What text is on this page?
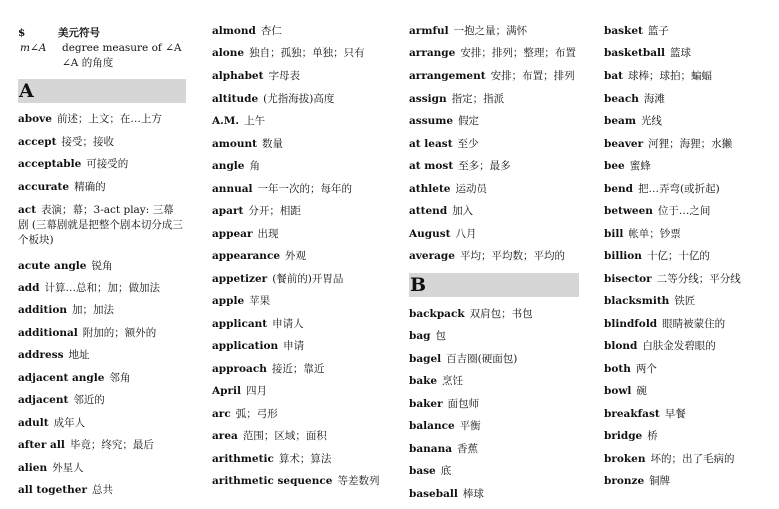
$	美元符号
m∠A degree measure of ∠A
∠A 的角度
A
above 前述；上文；在…上方
accept 接受；接收
acceptable 可接受的
accurate 精确的
act 表演；幕；3-act play: 三幕剧 (三幕剧就是把整个剧本切分成三个板块)
acute angle 锐角
add 计算…总和；加；做加法
addition 加；加法
additional 附加的；额外的
address 地址
adjacent angle 邻角
adjacent 邻近的
adult 成年人
after all 毕竟；终究；最后
alien 外星人
all together 总共
almond 杏仁
alone 独自；孤独；单独；只有
alphabet 字母表
altitude (尤指海拔)高度
A.M. 上午
amount 数量
angle 角
annual 一年一次的；每年的
apart 分开；相距
appear 出现
appearance 外观
appetizer (餐前的)开胃品
apple 苹果
applicant 申请人
application 申请
approach 接近；靠近
April 四月
arc 弧；弓形
area 范围；区域；面积
arithmetic 算术；算法
arithmetic sequence 等差数列
armful 一抱之量；满怀
arrange 安排；排列；整理；布置
arrangement 安排；布置；排列
assign 指定；指派
assume 假定
at least 至少
at most 至多；最多
athlete 运动员
attend 加入
August 八月
average 平均；平均数；平均的
B
backpack 双肩包；书包
bag 包
bagel 百吉圈(硬面包)
bake 烹饪
baker 面包师
balance 平衡
banana 香蕉
base 底
baseball 棒球
basket 篮子
basketball 篮球
bat 球棒；球拍；蝙蝠
beach 海滩
beam 光线
beaver 河狸；海狸；水獭
bee 蜜蜂
bend 把…弄弯(或折起)
between 位于…之间
bill 帐单；钞票
billion 十亿；十亿的
bisector 二等分线；平分线
blacksmith 铁匠
blindfold 眼睛被蒙住的
blond 白肤金发碧眼的
both 两个
bowl 碗
breakfast 早餐
bridge 桥
broken 坏的；出了毛病的
bronze 铜牌
